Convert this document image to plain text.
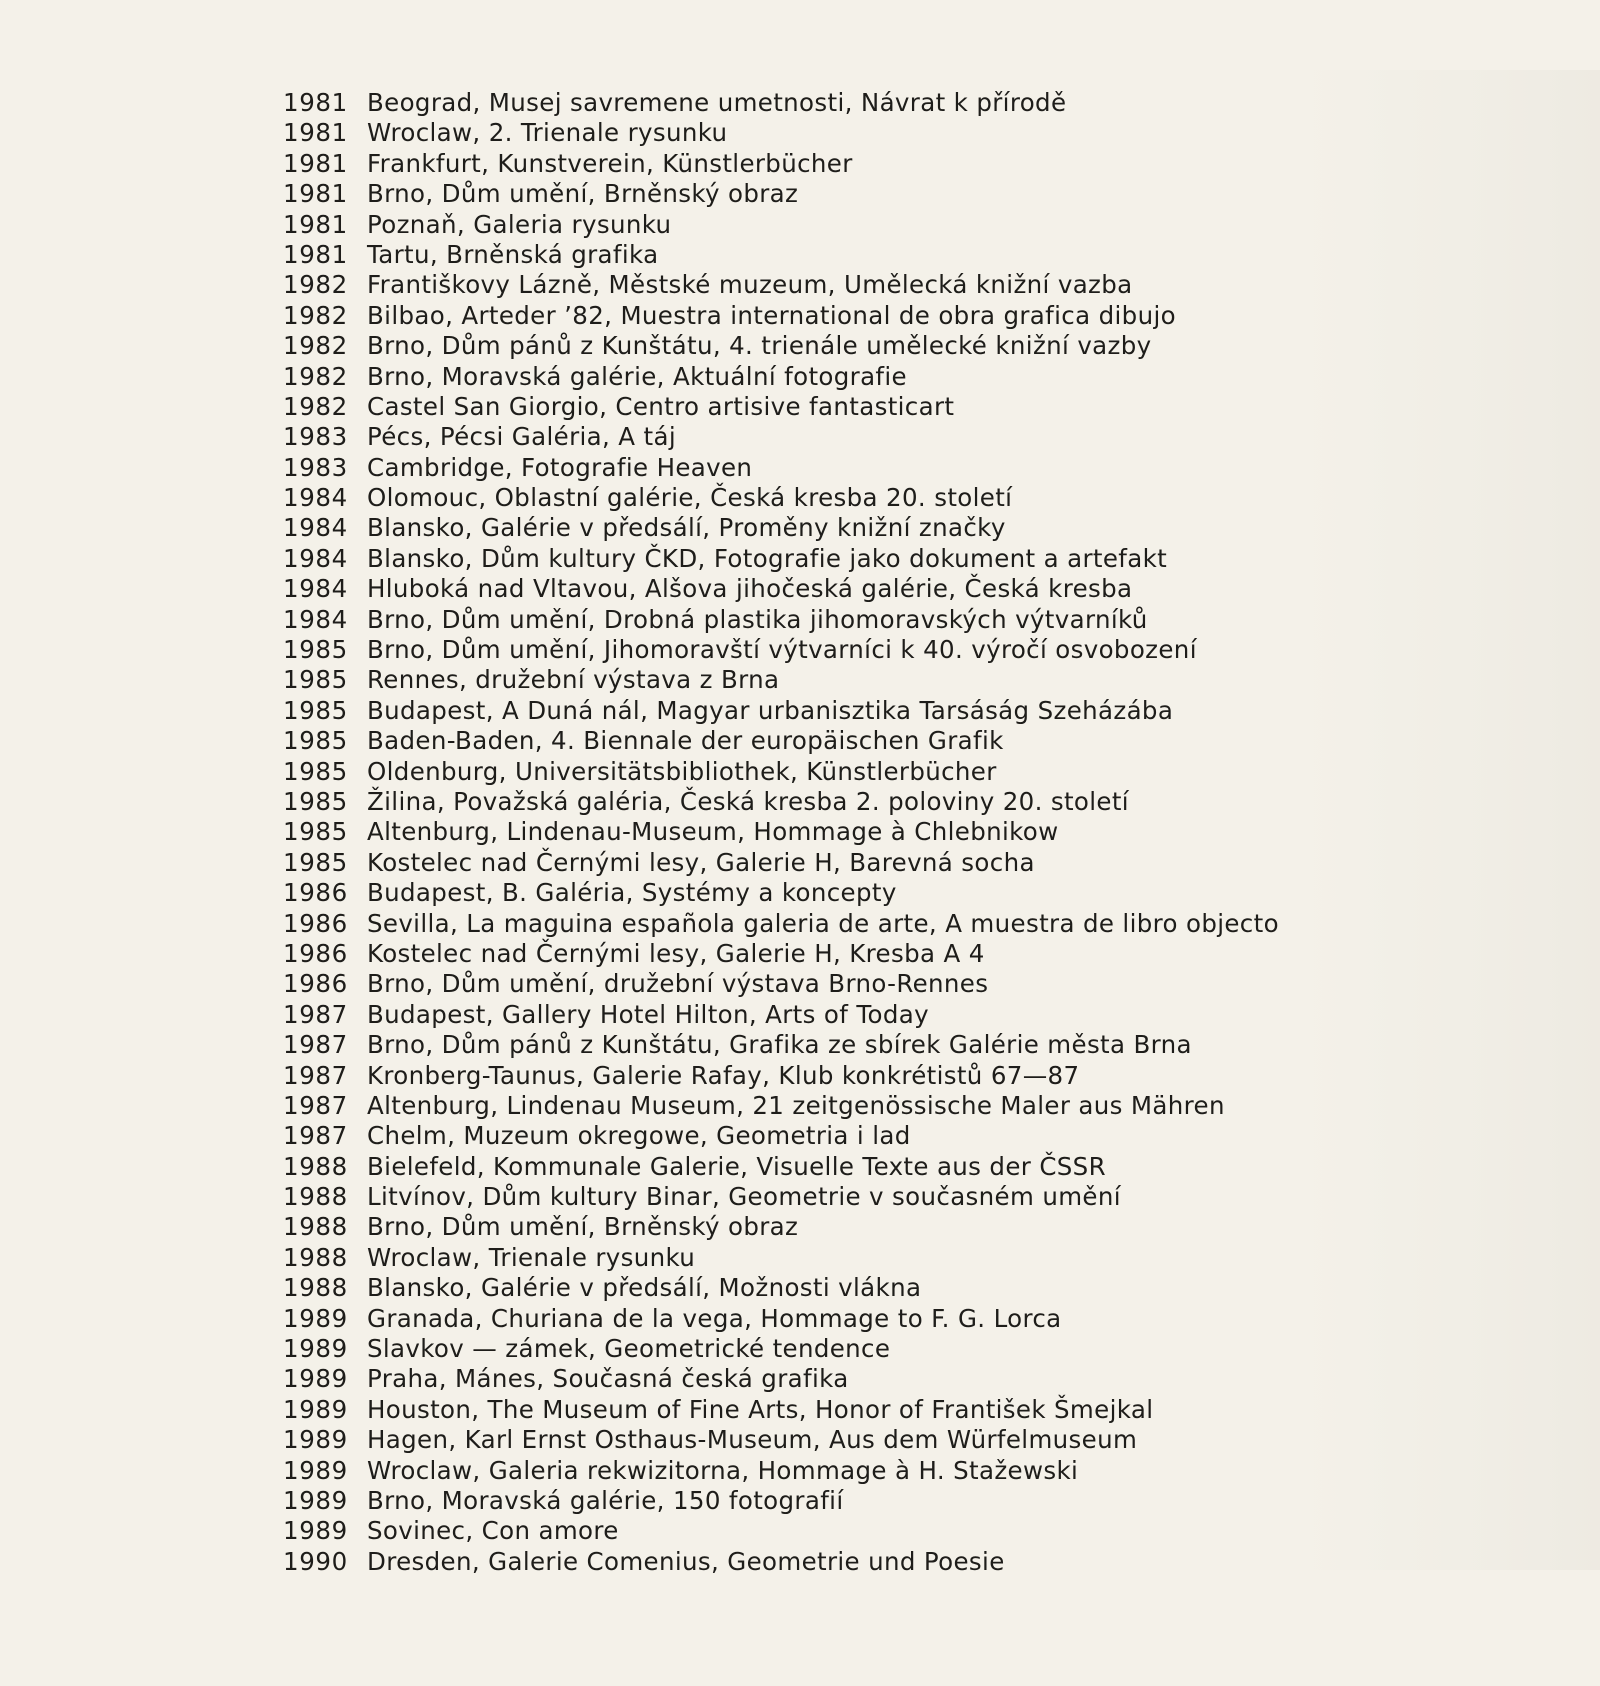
1981 Beograd, Musej savremene umetnosti, Návrat k přírodě
1981 Wroclaw, 2. Trienale rysunku
1981 Frankfurt, Kunstverein, Künstlerbücher
1981 Brno, Dům umění, Brněnský obraz
1981 Poznaň, Galeria rysunku
1981 Tartu, Brněnská grafika
1982 Františkovy Lázně, Městské muzeum, Umělecká knižní vazba
1982 Bilbao, Arteder ’82, Muestra international de obra grafica dibujo
1982 Brno, Dům pánů z Kunštátu, 4. trienále umělecké knižní vazby
1982 Brno, Moravská galérie, Aktuální fotografie
1982 Castel San Giorgio, Centro artisive fantasticart
1983 Pécs, Pécsi Galéria, A táj
1983 Cambridge, Fotografie Heaven
1984 Olomouc, Oblastní galérie, Česká kresba 20. století
1984 Blansko, Galérie v předsálí, Proměny knižní značky
1984 Blansko, Dům kultury ČKD, Fotografie jako dokument a artefakt
1984 Hluboká nad Vltavou, Alšova jihočeská galérie, Česká kresba
1984 Brno, Dům umění, Drobná plastika jihomoravských výtvarníků
1985 Brno, Dům umění, Jihomoravští výtvarníci k 40. výročí osvobození
1985 Rennes, družební výstava z Brna
1985 Budapest, A Duná nál, Magyar urbanisztika Tarsáság Szeházába
1985 Baden-Baden, 4. Biennale der europäischen Grafik
1985 Oldenburg, Universitätsbibliothek, Künstlerbücher
1985 Žilina, Považská galéria, Česká kresba 2. poloviny 20. století
1985 Altenburg, Lindenau-Museum, Hommage à Chlebnikow
1985 Kostelec nad Černými lesy, Galerie H, Barevná socha
1986 Budapest, B. Galéria, Systémy a koncepty
1986 Sevilla, La maguina española galeria de arte, A muestra de libro objecto
1986 Kostelec nad Černými lesy, Galerie H, Kresba A 4
1986 Brno, Dům umění, družební výstava Brno-Rennes
1987 Budapest, Gallery Hotel Hilton, Arts of Today
1987 Brno, Dům pánů z Kunštátu, Grafika ze sbírek Galérie města Brna
1987 Kronberg-Taunus, Galerie Rafay, Klub konkrétistů 67—87
1987 Altenburg, Lindenau Museum, 21 zeitgenössische Maler aus Mähren
1987 Chelm, Muzeum okregowe, Geometria i lad
1988 Bielefeld, Kommunale Galerie, Visuelle Texte aus der ČSSR
1988 Litvínov, Dům kultury Binar, Geometrie v současném umění
1988 Brno, Dům umění, Brněnský obraz
1988 Wroclaw, Trienale rysunku
1988 Blansko, Galérie v předsálí, Možnosti vlákna
1989 Granada, Churiana de la vega, Hommage to F. G. Lorca
1989 Slavkov — zámek, Geometrické tendence
1989 Praha, Mánes, Současná česká grafika
1989 Houston, The Museum of Fine Arts, Honor of František Šmejkal
1989 Hagen, Karl Ernst Osthaus-Museum, Aus dem Würfelmuseum
1989 Wroclaw, Galeria rekwizitorna, Hommage à H. Stažewski
1989 Brno, Moravská galérie, 150 fotografií
1989 Sovinec, Con amore
1990 Dresden, Galerie Comenius, Geometrie und Poesie
